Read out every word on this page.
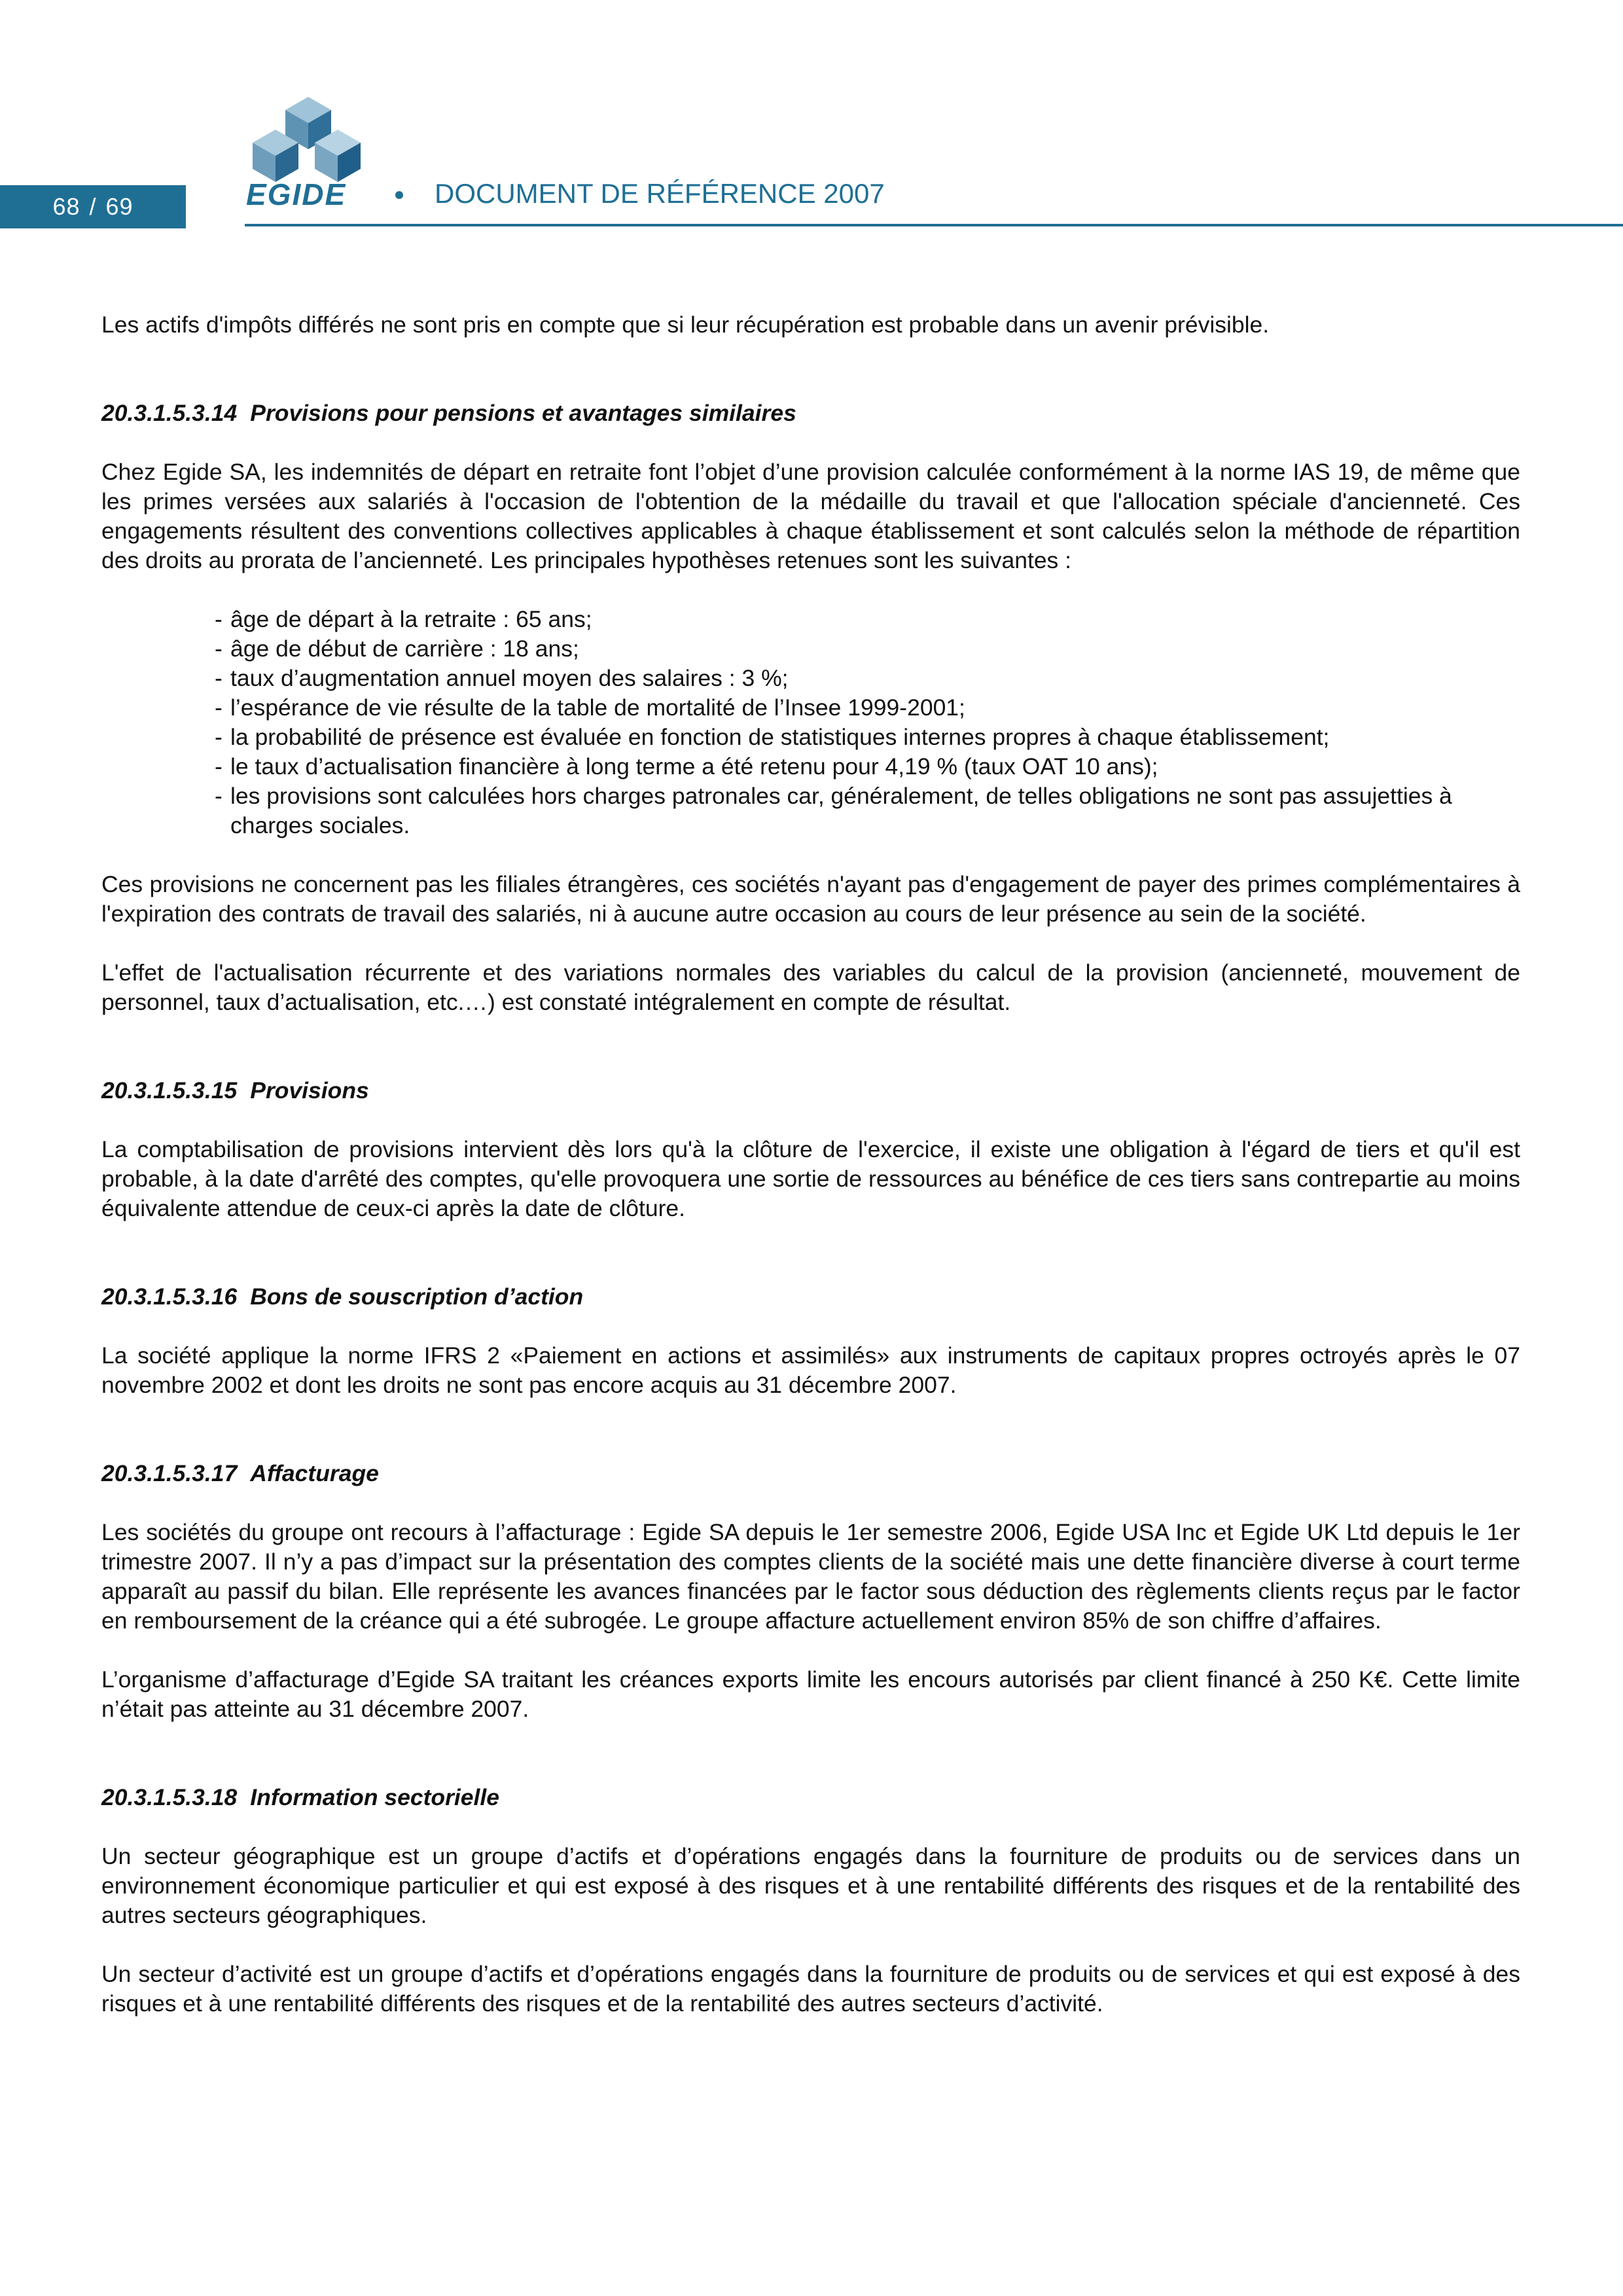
68 / 69	EGIDE	DOCUMENT DE RÉFÉRENCE 2007

Les actifs d'impôts différés ne sont pris en compte que si leur récupération est probable dans un avenir prévisible.

20.3.1.5.3.14 Provisions pour pensions et avantages similaires

Chez Egide SA, les indemnités de départ en retraite font l’objet d’une provision calculée conformément à la norme IAS 19, de même que les primes versées aux salariés à l'occasion de l'obtention de la médaille du travail et que l'allocation spéciale d'ancienneté. Ces engagements résultent des conventions collectives applicables à chaque établissement et sont calculés selon la méthode de répartition des droits au prorata de l’ancienneté. Les principales hypothèses retenues sont les suivantes :

- âge de départ à la retraite : 65 ans;
- âge de début de carrière : 18 ans;
- taux d’augmentation annuel moyen des salaires : 3 %;
- l’espérance de vie résulte de la table de mortalité de l’Insee 1999-2001;
- la probabilité de présence est évaluée en fonction de statistiques internes propres à chaque établissement;
- le taux d’actualisation financière à long terme a été retenu pour 4,19 % (taux OAT 10 ans);
- les provisions sont calculées hors charges patronales car, généralement, de telles obligations ne sont pas assujetties à charges sociales.

Ces provisions ne concernent pas les filiales étrangères, ces sociétés n'ayant pas d'engagement de payer des primes complémentaires à l'expiration des contrats de travail des salariés, ni à aucune autre occasion au cours de leur présence au sein de la société.

L'effet de l'actualisation récurrente et des variations normales des variables du calcul de la provision (ancienneté, mouvement de personnel, taux d’actualisation, etc.…) est constaté intégralement en compte de résultat.

20.3.1.5.3.15 Provisions

La comptabilisation de provisions intervient dès lors qu'à la clôture de l'exercice, il existe une obligation à l'égard de tiers et qu'il est probable, à la date d'arrêté des comptes, qu'elle provoquera une sortie de ressources au bénéfice de ces tiers sans contrepartie au moins équivalente attendue de ceux-ci après la date de clôture.

20.3.1.5.3.16 Bons de souscription d’action

La société applique la norme IFRS 2 «Paiement en actions et assimilés» aux instruments de capitaux propres octroyés après le 07 novembre 2002 et dont les droits ne sont pas encore acquis au 31 décembre 2007.

20.3.1.5.3.17 Affacturage

Les sociétés du groupe ont recours à l’affacturage : Egide SA depuis le 1er semestre 2006, Egide USA Inc et Egide UK Ltd depuis le 1er trimestre 2007. Il n’y a pas d’impact sur la présentation des comptes clients de la société mais une dette financière diverse à court terme apparaît au passif du bilan. Elle représente les avances financées par le factor sous déduction des règlements clients reçus par le factor en remboursement de la créance qui a été subrogée. Le groupe affacture actuellement environ 85% de son chiffre d’affaires.

L’organisme d’affacturage d’Egide SA traitant les créances exports limite les encours autorisés par client financé à 250 K€. Cette limite n’était pas atteinte au 31 décembre 2007.

20.3.1.5.3.18 Information sectorielle

Un secteur géographique est un groupe d’actifs et d’opérations engagés dans la fourniture de produits ou de services dans un environnement économique particulier et qui est exposé à des risques et à une rentabilité différents des risques et de la rentabilité des autres secteurs géographiques.

Un secteur d’activité est un groupe d’actifs et d’opérations engagés dans la fourniture de produits ou de services et qui est exposé à des risques et à une rentabilité différents des risques et de la rentabilité des autres secteurs d’activité.
